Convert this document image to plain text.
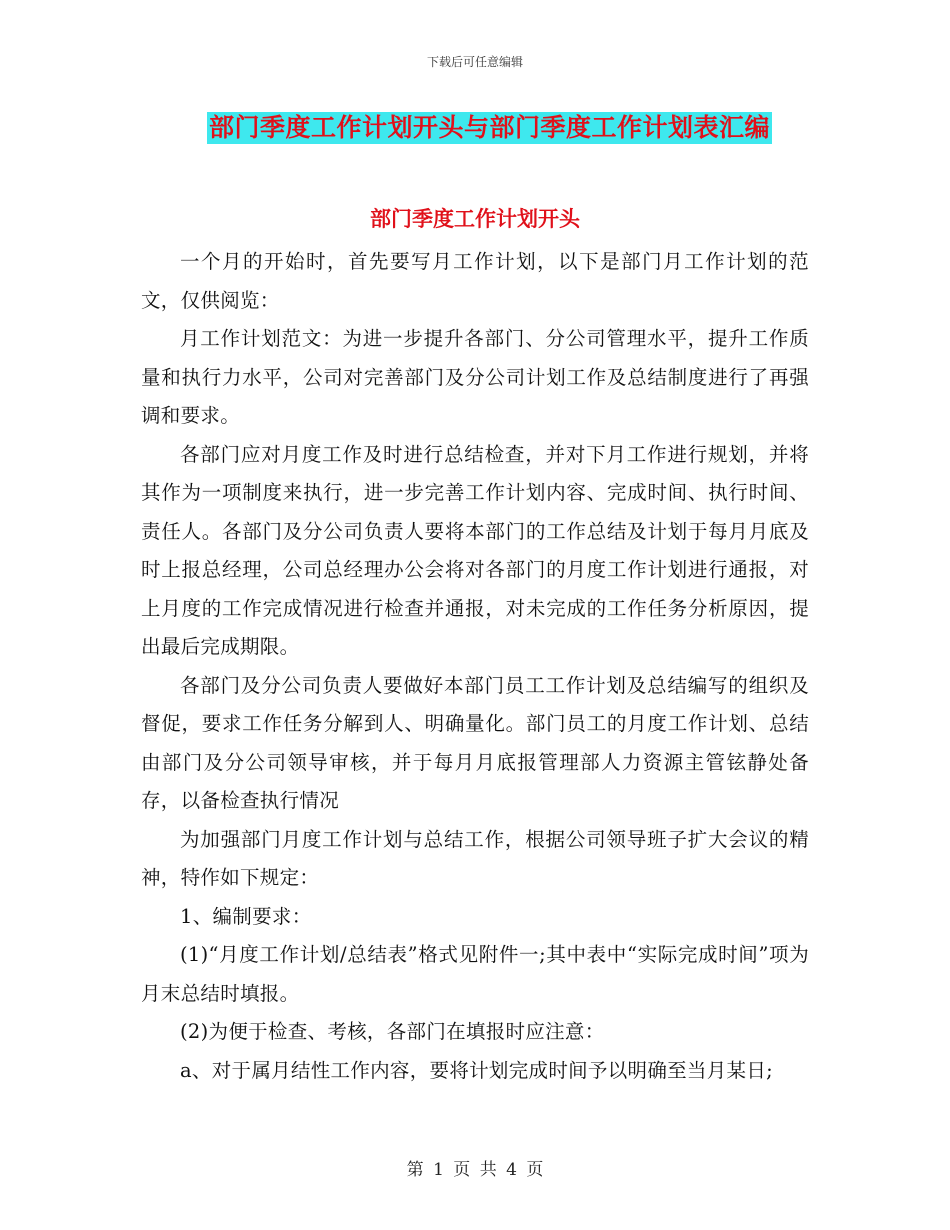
下载后可任意编辑
部门季度工作计划开头与部门季度工作计划表汇编
部门季度工作计划开头

一个月的开始时，首先要写月工作计划，以下是部门月工作计划的范文，仅供阅览：

月工作计划范文：为进一步提升各部门、分公司管理水平，提升工作质量和执行力水平，公司对完善部门及分公司计划工作及总结制度进行了再强调和要求。

各部门应对月度工作及时进行总结检查，并对下月工作进行规划，并将其作为一项制度来执行，进一步完善工作计划内容、完成时间、执行时间、责任人。各部门及分公司负责人要将本部门的工作总结及计划于每月月底及时上报总经理，公司总经理办公会将对各部门的月度工作计划进行通报，对上月度的工作完成情况进行检查并通报，对未完成的工作任务分析原因，提出最后完成期限。

各部门及分公司负责人要做好本部门员工工作计划及总结编写的组织及督促，要求工作任务分解到人、明确量化。部门员工的月度工作计划、总结由部门及分公司领导审核，并于每月月底报管理部人力资源主管铉静处备存，以备检查执行情况

为加强部门月度工作计划与总结工作，根据公司领导班子扩大会议的精神，特作如下规定：

1、编制要求：

(1)“月度工作计划/总结表”格式见附件一;其中表中“实际完成时间”项为月末总结时填报。

(2)为便于检查、考核，各部门在填报时应注意：

a、对于属月结性工作内容，要将计划完成时间予以明确至当月某日;

第 1 页 共 4 页
